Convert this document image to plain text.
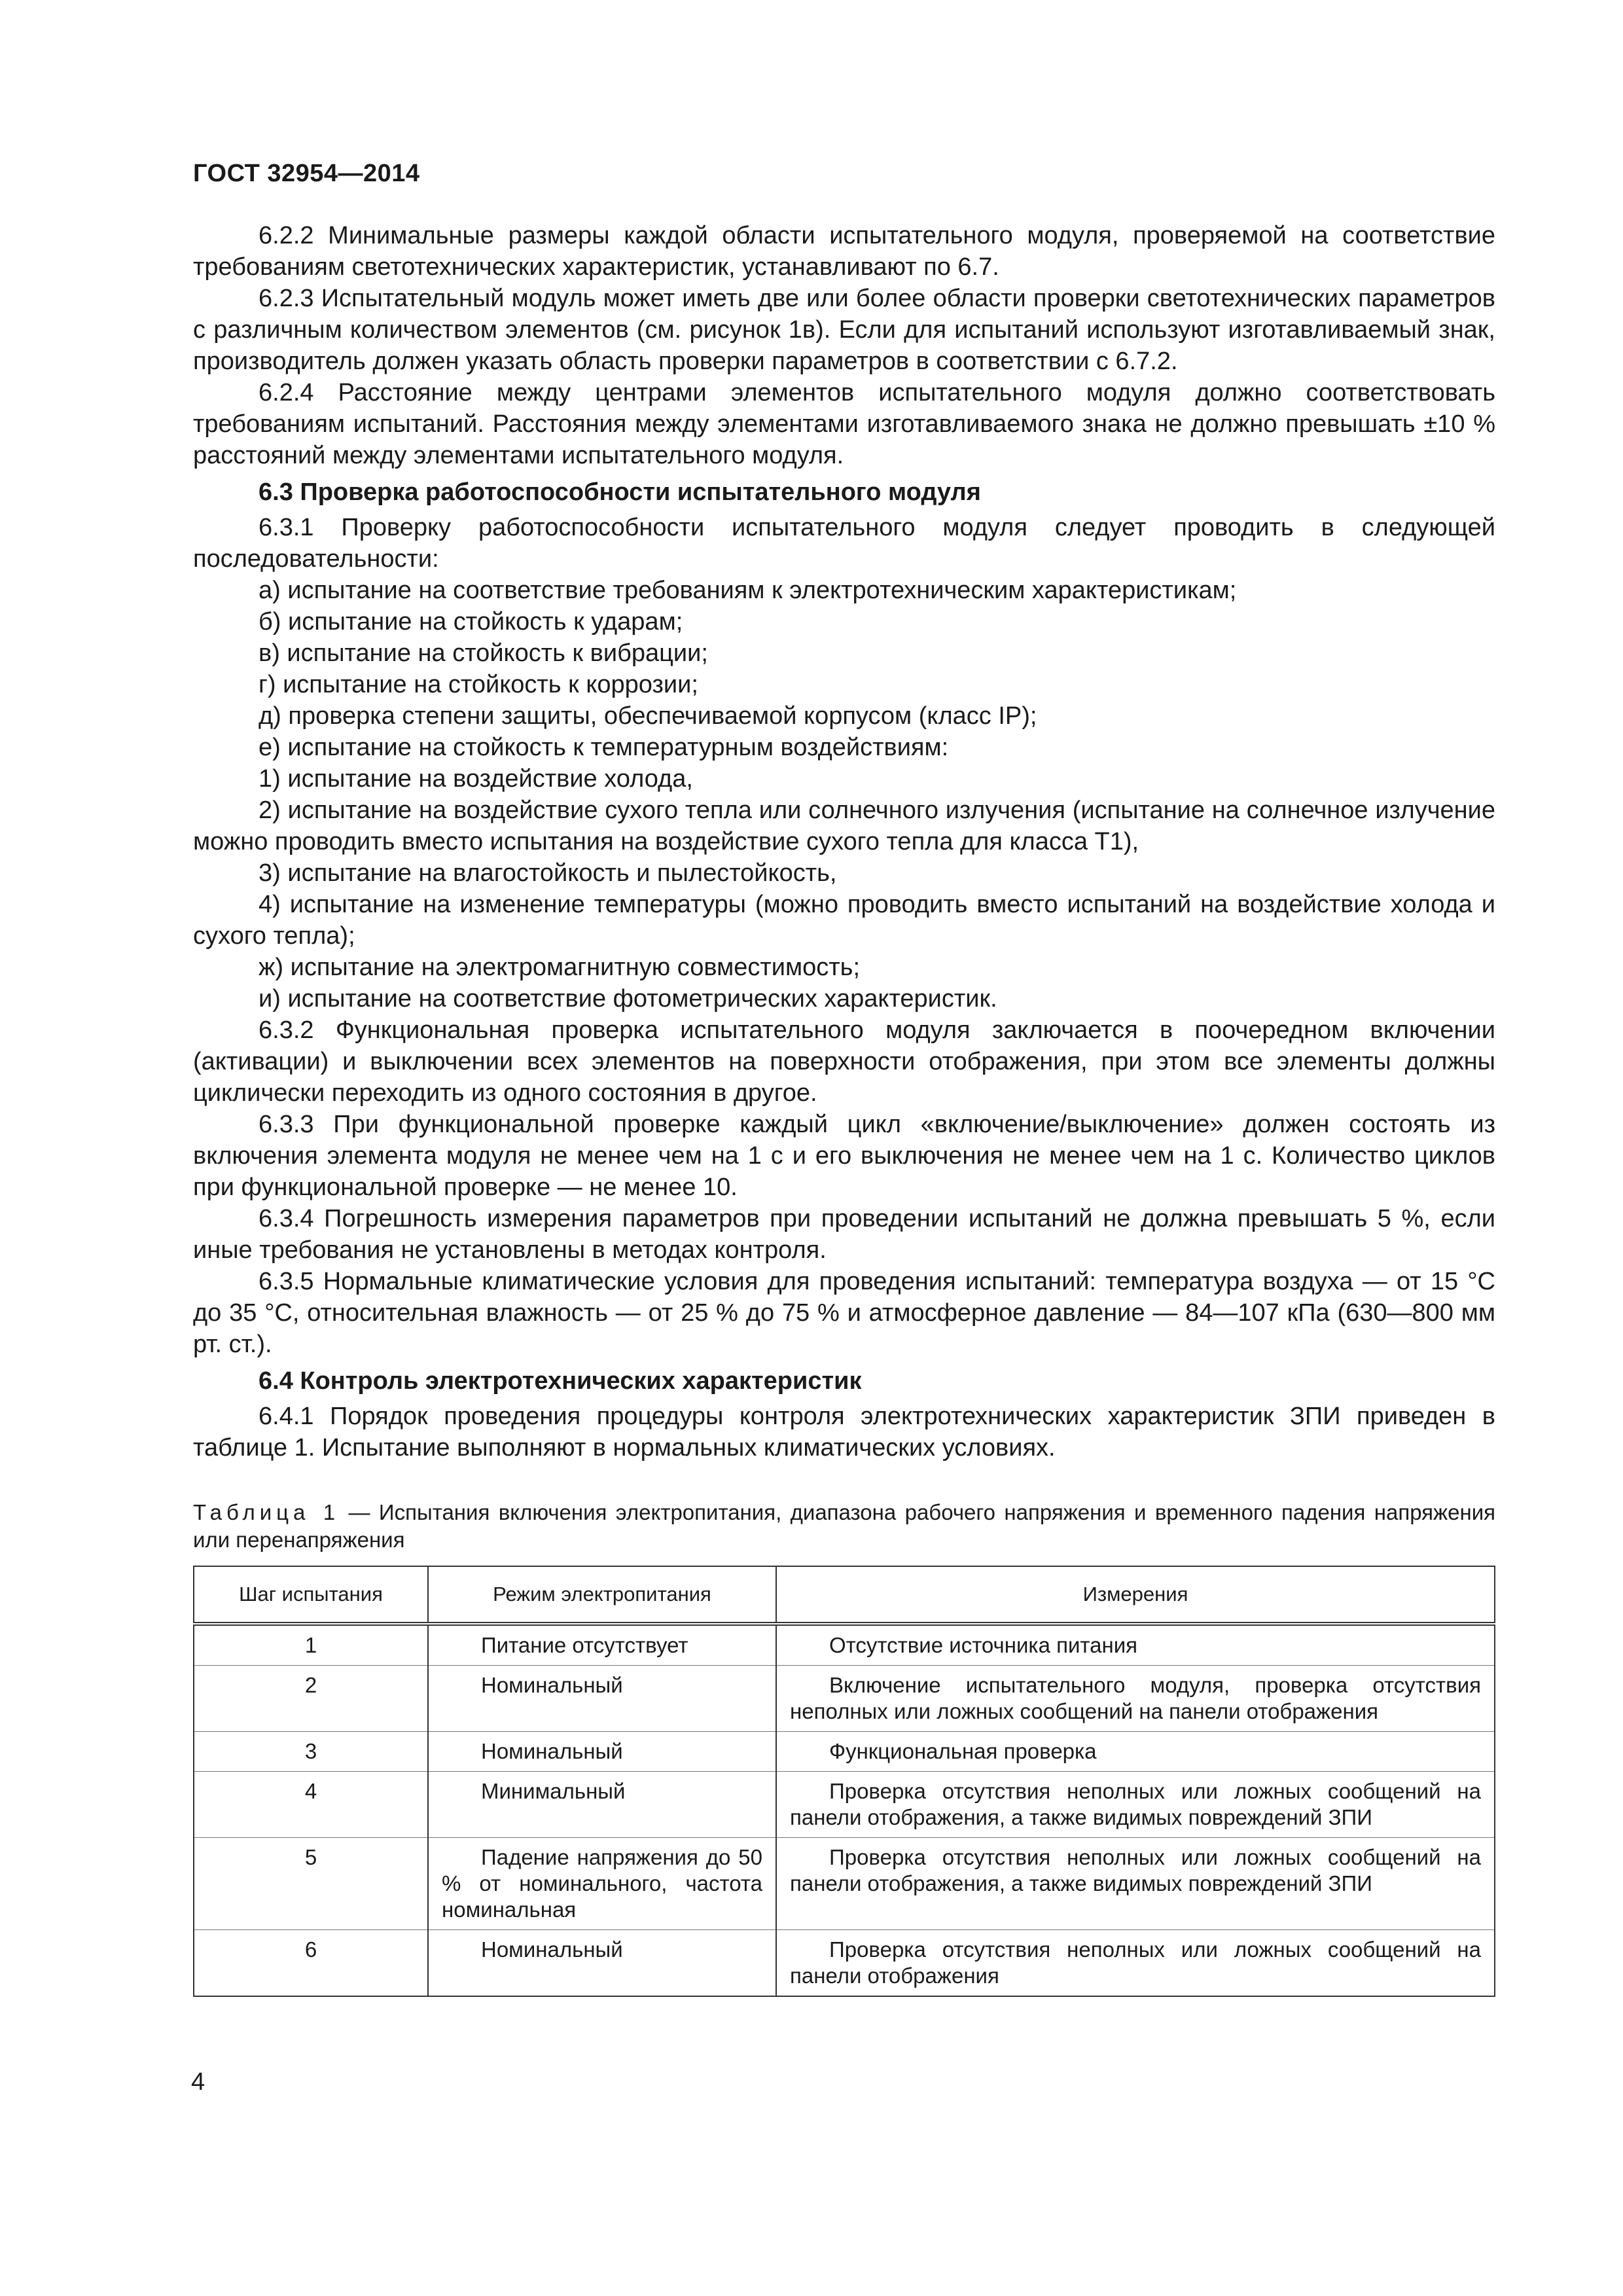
ГОСТ 32954—2014

6.2.2 Минимальные размеры каждой области испытательного модуля, проверяемой на соответствие требованиям светотехнических характеристик, устанавливают по 6.7.

6.2.3 Испытательный модуль может иметь две или более области проверки светотехнических параметров с различным количеством элементов (см. рисунок 1в). Если для испытаний используют изготавливаемый знак, производитель должен указать область проверки параметров в соответствии с 6.7.2.

6.2.4 Расстояние между центрами элементов испытательного модуля должно соответствовать требованиям испытаний. Расстояния между элементами изготавливаемого знака не должно превышать ±10 % расстояний между элементами испытательного модуля.

6.3 Проверка работоспособности испытательного модуля

6.3.1 Проверку работоспособности испытательного модуля следует проводить в следующей последовательности:

а) испытание на соответствие требованиям к электротехническим характеристикам;
б) испытание на стойкость к ударам;
в) испытание на стойкость к вибрации;
г) испытание на стойкость к коррозии;
д) проверка степени защиты, обеспечиваемой корпусом (класс IP);
е) испытание на стойкость к температурным воздействиям:

1) испытание на воздействие холода,

2) испытание на воздействие сухого тепла или солнечного излучения (испытание на солнечное излучение можно проводить вместо испытания на воздействие сухого тепла для класса Т1),

3) испытание на влагостойкость и пылестойкость,

4) испытание на изменение температуры (можно проводить вместо испытаний на воздействие холода и сухого тепла);

ж) испытание на электромагнитную совместимость;
и) испытание на соответствие фотометрических характеристик.

6.3.2 Функциональная проверка испытательного модуля заключается в поочередном включении (активации) и выключении всех элементов на поверхности отображения, при этом все элементы должны циклически переходить из одного состояния в другое.

6.3.3 При функциональной проверке каждый цикл «включение/выключение» должен состоять из включения элемента модуля не менее чем на 1 с и его выключения не менее чем на 1 с. Количество циклов при функциональной проверке — не менее 10.

6.3.4 Погрешность измерения параметров при проведении испытаний не должна превышать 5 %, если иные требования не установлены в методах контроля.

6.3.5 Нормальные климатические условия для проведения испытаний: температура воздуха — от 15 °С до 35 °С, относительная влажность — от 25 % до 75 % и атмосферное давление — 84—107 кПа (630—800 мм рт. ст.).

6.4 Контроль электротехнических характеристик

6.4.1 Порядок проведения процедуры контроля электротехнических характеристик ЗПИ приведен в таблице 1. Испытание выполняют в нормальных климатических условиях.

Таблица 1 — Испытания включения электропитания, диапазона рабочего напряжения и временного падения напряжения или перенапряжения
Шаг испытания	Режим электропитания	Измерения
1	Питание отсутствует	Отсутствие источника питания
2	Номинальный	Включение испытательного модуля, проверка отсутствия неполных или ложных сообщений на панели отображения
3	Номинальный	Функциональная проверка
4	Минимальный	Проверка отсутствия неполных или ложных сообщений на панели отображения, а также видимых повреждений ЗПИ
5	Падение напряжения до 50 % от номинального, частота номинальная	Проверка отсутствия неполных или ложных сообщений на панели отображения, а также видимых повреждений ЗПИ
6	Номинальный	Проверка отсутствия неполных или ложных сообщений на панели отображения
4
